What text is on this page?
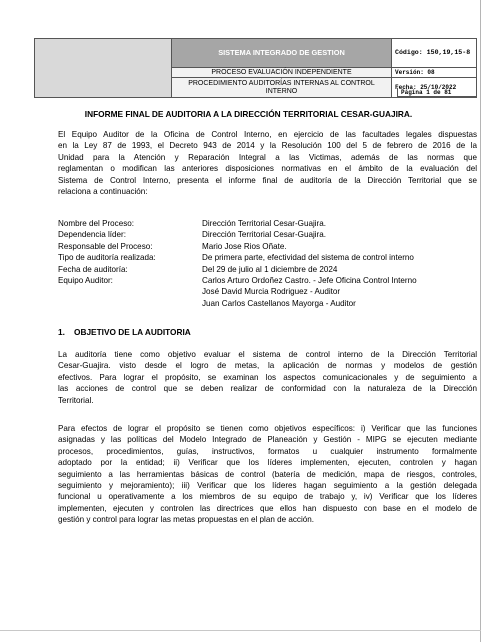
	SISTEMA INTEGRADO DE GESTION	Código: 150,19,15-8
	PROCESO EVALUACIÓN INDEPENDIENTE	Versión: 08
	PROCEDIMIENTO AUDITORÍAS INTERNAS AL CONTROL INTERNO	Fecha: 25/10/2022
Página 1 de 81
INFORME FINAL DE AUDITORIA A LA DIRECCIÓN TERRITORIAL CESAR-GUAJIRA.
El Equipo Auditor de la Oficina de Control Interno, en ejercicio de las facultades legales dispuestas
en la Ley 87 de 1993, el Decreto 943 de 2014 y la Resolución 100 del 5 de febrero de 2016 de la
Unidad para la Atención y Reparación Integral a las Victimas, además de las normas que
reglamentan o modifican las anteriores disposiciones normativas en el ámbito de la evaluación del
Sistema de Control Interno, presenta el informe final de auditoría de la Dirección Territorial que se
relaciona a continuación:
Nombre del Proceso:	Dirección Territorial Cesar-Guajira.
Dependencia líder:	Dirección Territorial Cesar-Guajira.
Responsable del Proceso:	Mario Jose Rios Oñate.
Tipo de auditoría realizada:	De primera parte, efectividad del sistema de control interno
Fecha de auditoría:	Del 29 de julio al 1 diciembre de 2024
Equipo Auditor:	Carlos Arturo Ordoñez Castro. - Jefe Oficina Control Interno
José David Murcia Rodriguez - Auditor
Juan Carlos Castellanos Mayorga - Auditor
1. OBJETIVO DE LA AUDITORIA
La auditoría tiene como objetivo evaluar el sistema de control interno de la Dirección Territorial
Cesar-Guajira. visto desde el logro de metas, la aplicación de normas y modelos de gestión
efectivos. Para lograr el propósito, se examinan los aspectos comunicacionales y de seguimiento a
las acciones de control que se deben realizar de conformidad con la naturaleza de la Dirección
Territorial.
Para efectos de lograr el propósito se tienen como objetivos específicos: i) Verificar que las funciones
asignadas y las políticas del Modelo Integrado de Planeación y Gestión - MIPG se ejecuten mediante
procesos, procedimientos, guías, instructivos, formatos u cualquier instrumento formalmente
adoptado por la entidad; ii) Verificar que los líderes implementen, ejecuten, controlen y hagan
seguimiento a las herramientas básicas de control (batería de medición, mapa de riesgos, controles,
seguimiento y mejoramiento); iii) Verificar que los líderes hagan seguimiento a la gestión delegada
funcional u operativamente a los miembros de su equipo de trabajo y, iv) Verificar que los líderes
implementen, ejecuten y controlen las directrices que ellos han dispuesto con base en el modelo de
gestión y control para lograr las metas propuestas en el plan de acción.
